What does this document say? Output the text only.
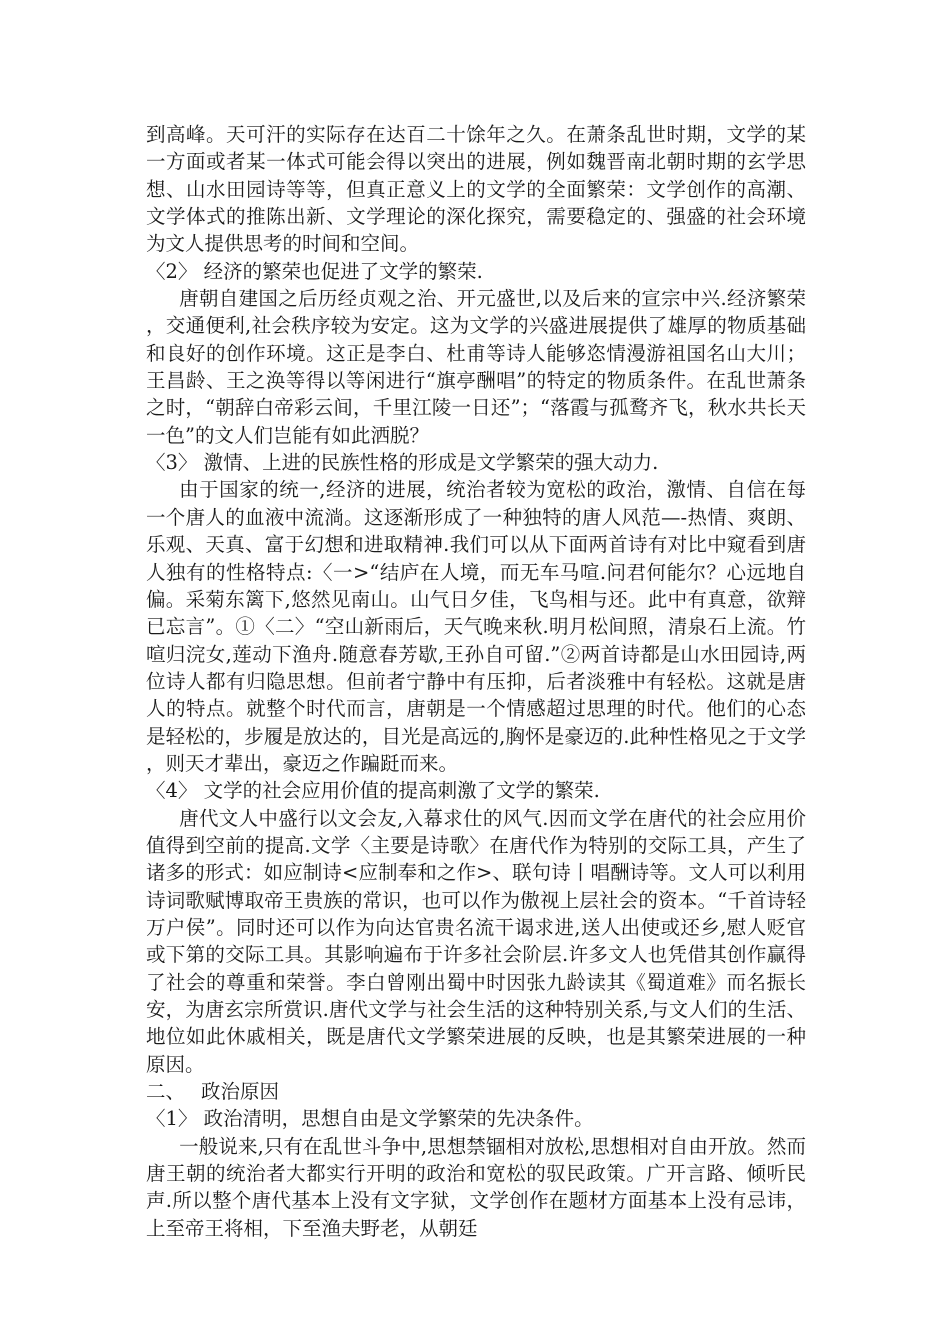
到高峰。天可汗的实际存在达百二十馀年之久。在萧条乱世时期，文学的某一方面或者某一体式可能会得以突出的进展，例如魏晋南北朝时期的玄学思想、山水田园诗等等，但真正意义上的文学的全面繁荣：文学创作的高潮、文学体式的推陈出新、文学理论的深化探究，需要稳定的、强盛的社会环境为文人提供思考的时间和空间。

〈2〉 经济的繁荣也促进了文学的繁荣.

唐朝自建国之后历经贞观之治、开元盛世,以及后来的宣宗中兴.经济繁荣，交通便利,社会秩序较为安定。这为文学的兴盛进展提供了雄厚的物质基础和良好的创作环境。这正是李白、杜甫等诗人能够恣情漫游祖国名山大川；王昌龄、王之涣等得以等闲进行“旗亭酬唱”的特定的物质条件。在乱世萧条之时，“朝辞白帝彩云间，千里江陵一日还”；“落霞与孤鹜齐飞，秋水共长天一色”的文人们岂能有如此洒脱？

〈3〉 激情、上进的民族性格的形成是文学繁荣的强大动力.

由于国家的统一,经济的进展，统治者较为宽松的政治，激情、自信在每一个唐人的血液中流淌。这逐渐形成了一种独特的唐人风范—-热情、爽朗、乐观、天真、富于幻想和进取精神.我们可以从下面两首诗有对比中窥看到唐人独有的性格特点:〈一>“结庐在人境，而无车马喧.问君何能尔？心远地自偏。采菊东篱下,悠然见南山。山气日夕佳，飞鸟相与还。此中有真意，欲辩已忘言”。①〈二〉“空山新雨后，天气晚来秋.明月松间照，清泉石上流。竹喧归浣女,莲动下渔舟.随意春芳歇,王孙自可留.”②两首诗都是山水田园诗,两位诗人都有归隐思想。但前者宁静中有压抑，后者淡雅中有轻松。这就是唐人的特点。就整个时代而言，唐朝是一个情感超过思理的时代。他们的心态是轻松的，步履是放达的，目光是高远的,胸怀是豪迈的.此种性格见之于文学，则天才辈出，豪迈之作蹁跹而来。

〈4〉 文学的社会应用价值的提高刺激了文学的繁荣.

唐代文人中盛行以文会友,入幕求仕的风气.因而文学在唐代的社会应用价值得到空前的提高.文学〈主要是诗歌〉在唐代作为特别的交际工具，产生了诸多的形式：如应制诗<应制奉和之作>、联句诗丨唱酬诗等。文人可以利用诗词歌赋博取帝王贵族的常识，也可以作为傲视上层社会的资本。“千首诗轻万户侯”。同时还可以作为向达官贵名流干谒求进,送人出使或还乡,慰人贬官或下第的交际工具。其影响遍布于许多社会阶层.许多文人也凭借其创作赢得了社会的尊重和荣誉。李白曾刚出蜀中时因张九龄读其《蜀道难》而名振长安，为唐玄宗所赏识.唐代文学与社会生活的这种特别关系,与文人们的生活、地位如此休戚相关，既是唐代文学繁荣进展的反映，也是其繁荣进展的一种原因。

二、　 政治原因

〈1〉 政治清明，思想自由是文学繁荣的先决条件。

一般说来,只有在乱世斗争中,思想禁锢相对放松,思想相对自由开放。然而唐王朝的统治者大都实行开明的政治和宽松的驭民政策。广开言路、倾听民声.所以整个唐代基本上没有文字狱，文学创作在题材方面基本上没有忌讳，上至帝王将相，下至渔夫野老，从朝廷
